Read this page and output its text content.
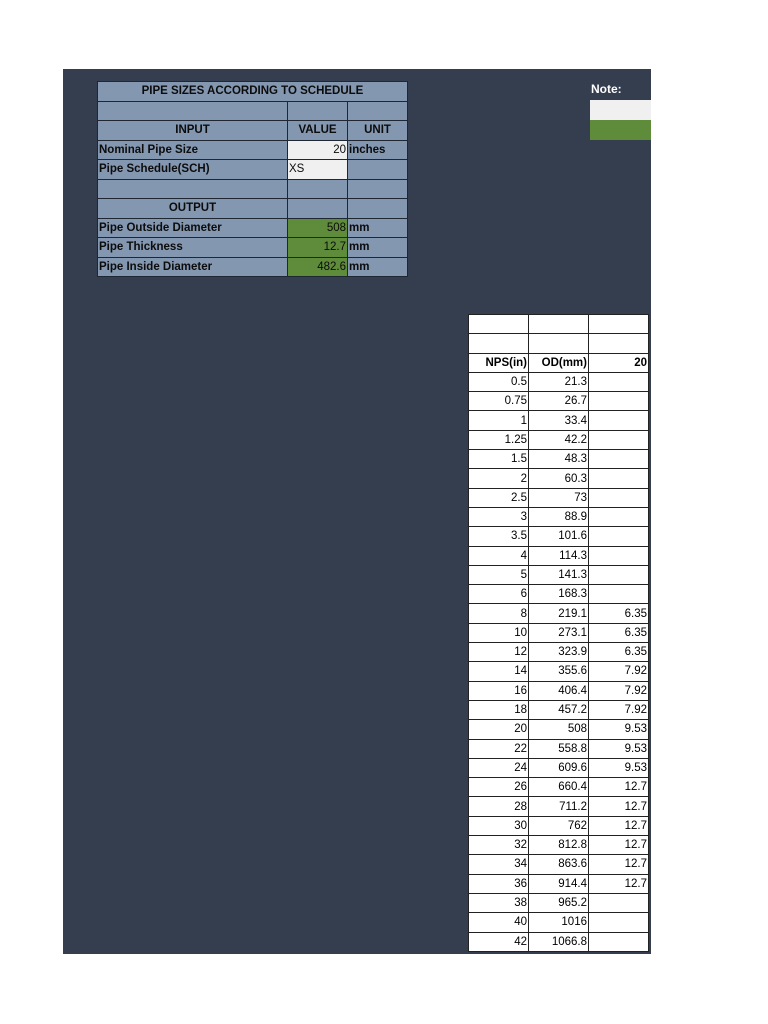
PIPE SIZES ACCORDING TO SCHEDULE		

INPUT	VALUE	UNIT
Nominal Pipe Size	20	inches
Pipe Schedule(SCH)	XS	

OUTPUT		
Pipe Outside Diameter	508	mm
Pipe Thickness	12.7	mm
Pipe Inside Diameter	482.6	mm
Note:

NPS(in)	OD(mm)	20
0.5	21.3	
0.75	26.7	
1	33.4	
1.25	42.2	
1.5	48.3	
2	60.3	
2.5	73	
3	88.9	
3.5	101.6	
4	114.3	
5	141.3	
6	168.3	
8	219.1	6.35
10	273.1	6.35
12	323.9	6.35
14	355.6	7.92
16	406.4	7.92
18	457.2	7.92
20	508	9.53
22	558.8	9.53
24	609.6	9.53
26	660.4	12.7
28	711.2	12.7
30	762	12.7
32	812.8	12.7
34	863.6	12.7
36	914.4	12.7
38	965.2	
40	1016	
42	1066.8	
